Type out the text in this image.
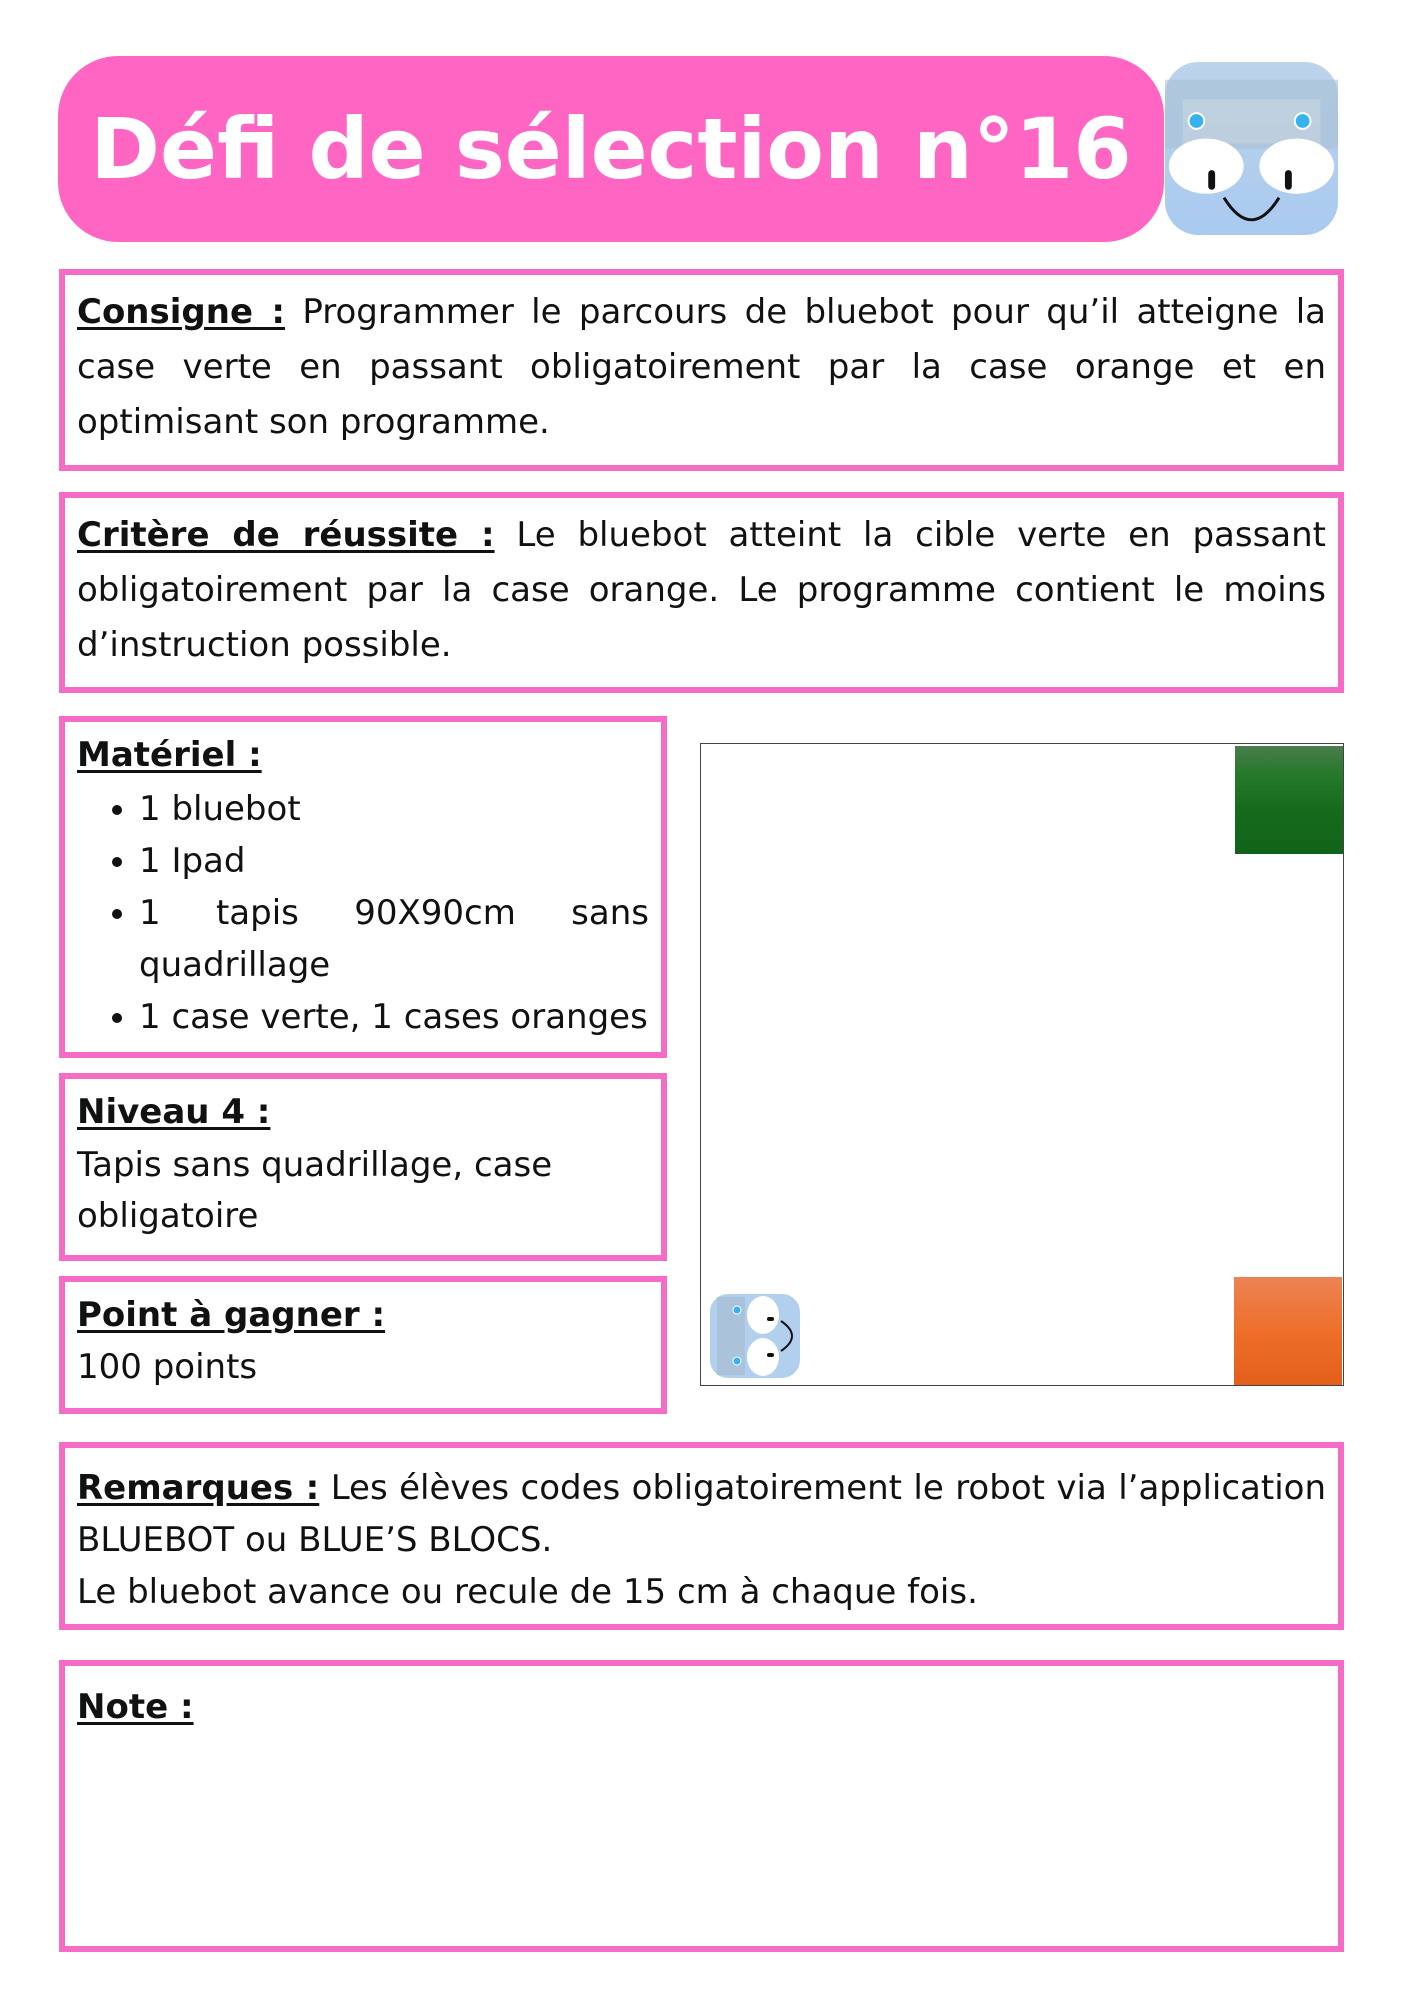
Défi de sélection n°16
Consigne : Programmer le parcours de bluebot pour qu’il atteigne la case verte en passant obligatoirement par la case orange et en optimisant son programme.
Critère de réussite : Le bluebot atteint la cible verte en passant obligatoirement par la case orange. Le programme contient le moins d’instruction possible.
Matériel :
• 1 bluebot
• 1 Ipad
• 1 tapis 90X90cm sans quadrillage
• 1 case verte, 1 cases oranges
Niveau 4 :
Tapis sans quadrillage, case obligatoire
Point à gagner :
100 points
Remarques : Les élèves codes obligatoirement le robot via l’application BLUEBOT ou BLUE’S BLOCS.
Le bluebot avance ou recule de 15 cm à chaque fois.
Note :
